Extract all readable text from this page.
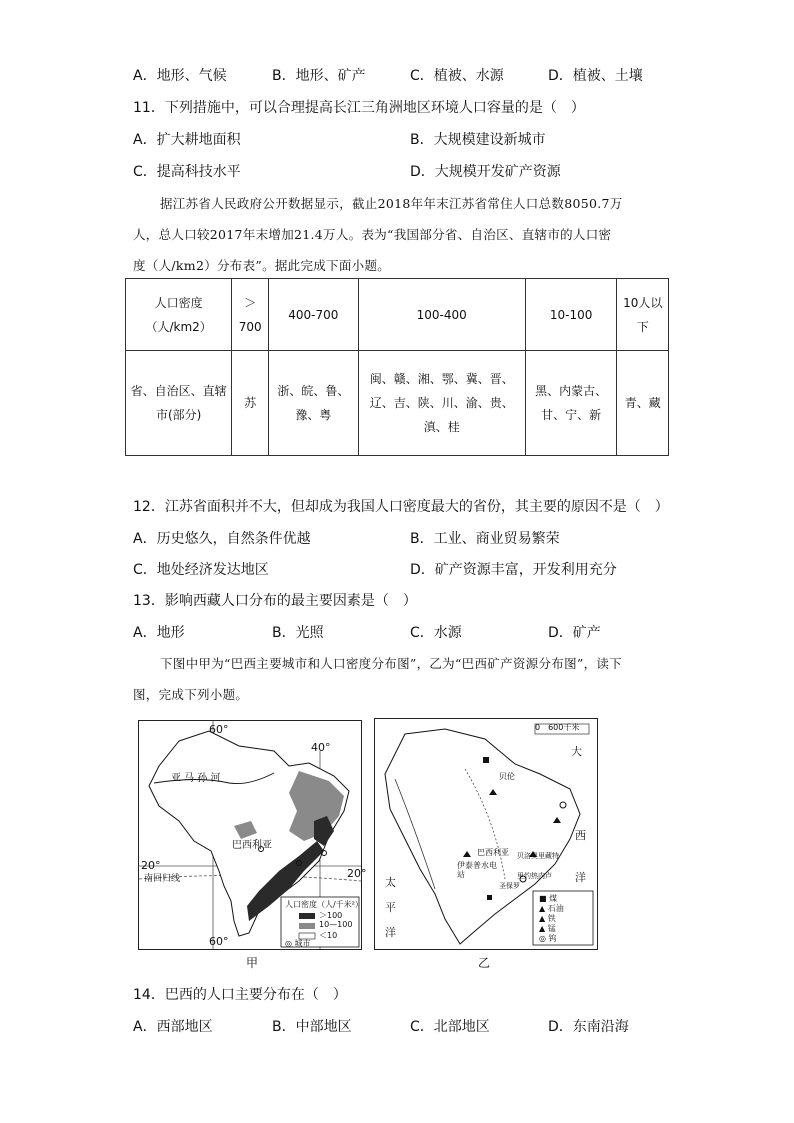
A．地形、气候	B．地形、矿产	C．植被、水源	D．植被、土壤
11．下列措施中，可以合理提高长江三角洲地区环境人口容量的是（　）
A．扩大耕地面积	B．大规模建设新城市
C．提高科技水平	D．大规模开发矿产资源
据江苏省人民政府公开数据显示，截止2018年年末江苏省常住人口总数8050.7万
人，总人口较2017年末增加21.4万人。表为“我国部分省、自治区、直辖市的人口密
度（人/km2）分布表”。据此完成下面小题。
人口密度（人/km2）	＞700	400-700	100-400	10-100	10人以下
省、自治区、直辖市(部分)	苏	浙、皖、鲁、豫、粤	闽、赣、湘、鄂、冀、晋、辽、吉、陕、川、渝、贵、滇、桂	黑、内蒙古、甘、宁、新	青、藏
12．江苏省面积并不大，但却成为我国人口密度最大的省份，其主要的原因不是（　）
A．历史悠久，自然条件优越	B．工业、商业贸易繁荣
C．地处经济发达地区	D．矿产资源丰富，开发利用充分
13．影响西藏人口分布的最主要因素是（　）
A．地形	B．光照	C．水源	D．矿产
下图中甲为“巴西主要城市和人口密度分布图”，乙为“巴西矿产资源分布图”，读下
图，完成下列小题。
60°
40°
20°
20°
60°
亚 马 孙 河
巴西利亚
南回归线
人口密度（人/千米²）
＞100
10—100
＜10
◎ 城市
甲
0　600千米
大
西
洋
太
平
洋
贝伦
巴西利亚
伊泰普水电站
贝洛奥里藏特
里约热内卢
圣保罗
■ 煤
▲ 石油
▲ 铁
▲ 锰
◎ 钨
乙
14．巴西的人口主要分布在（　）
A．西部地区	B．中部地区	C．北部地区	D．东南沿海
